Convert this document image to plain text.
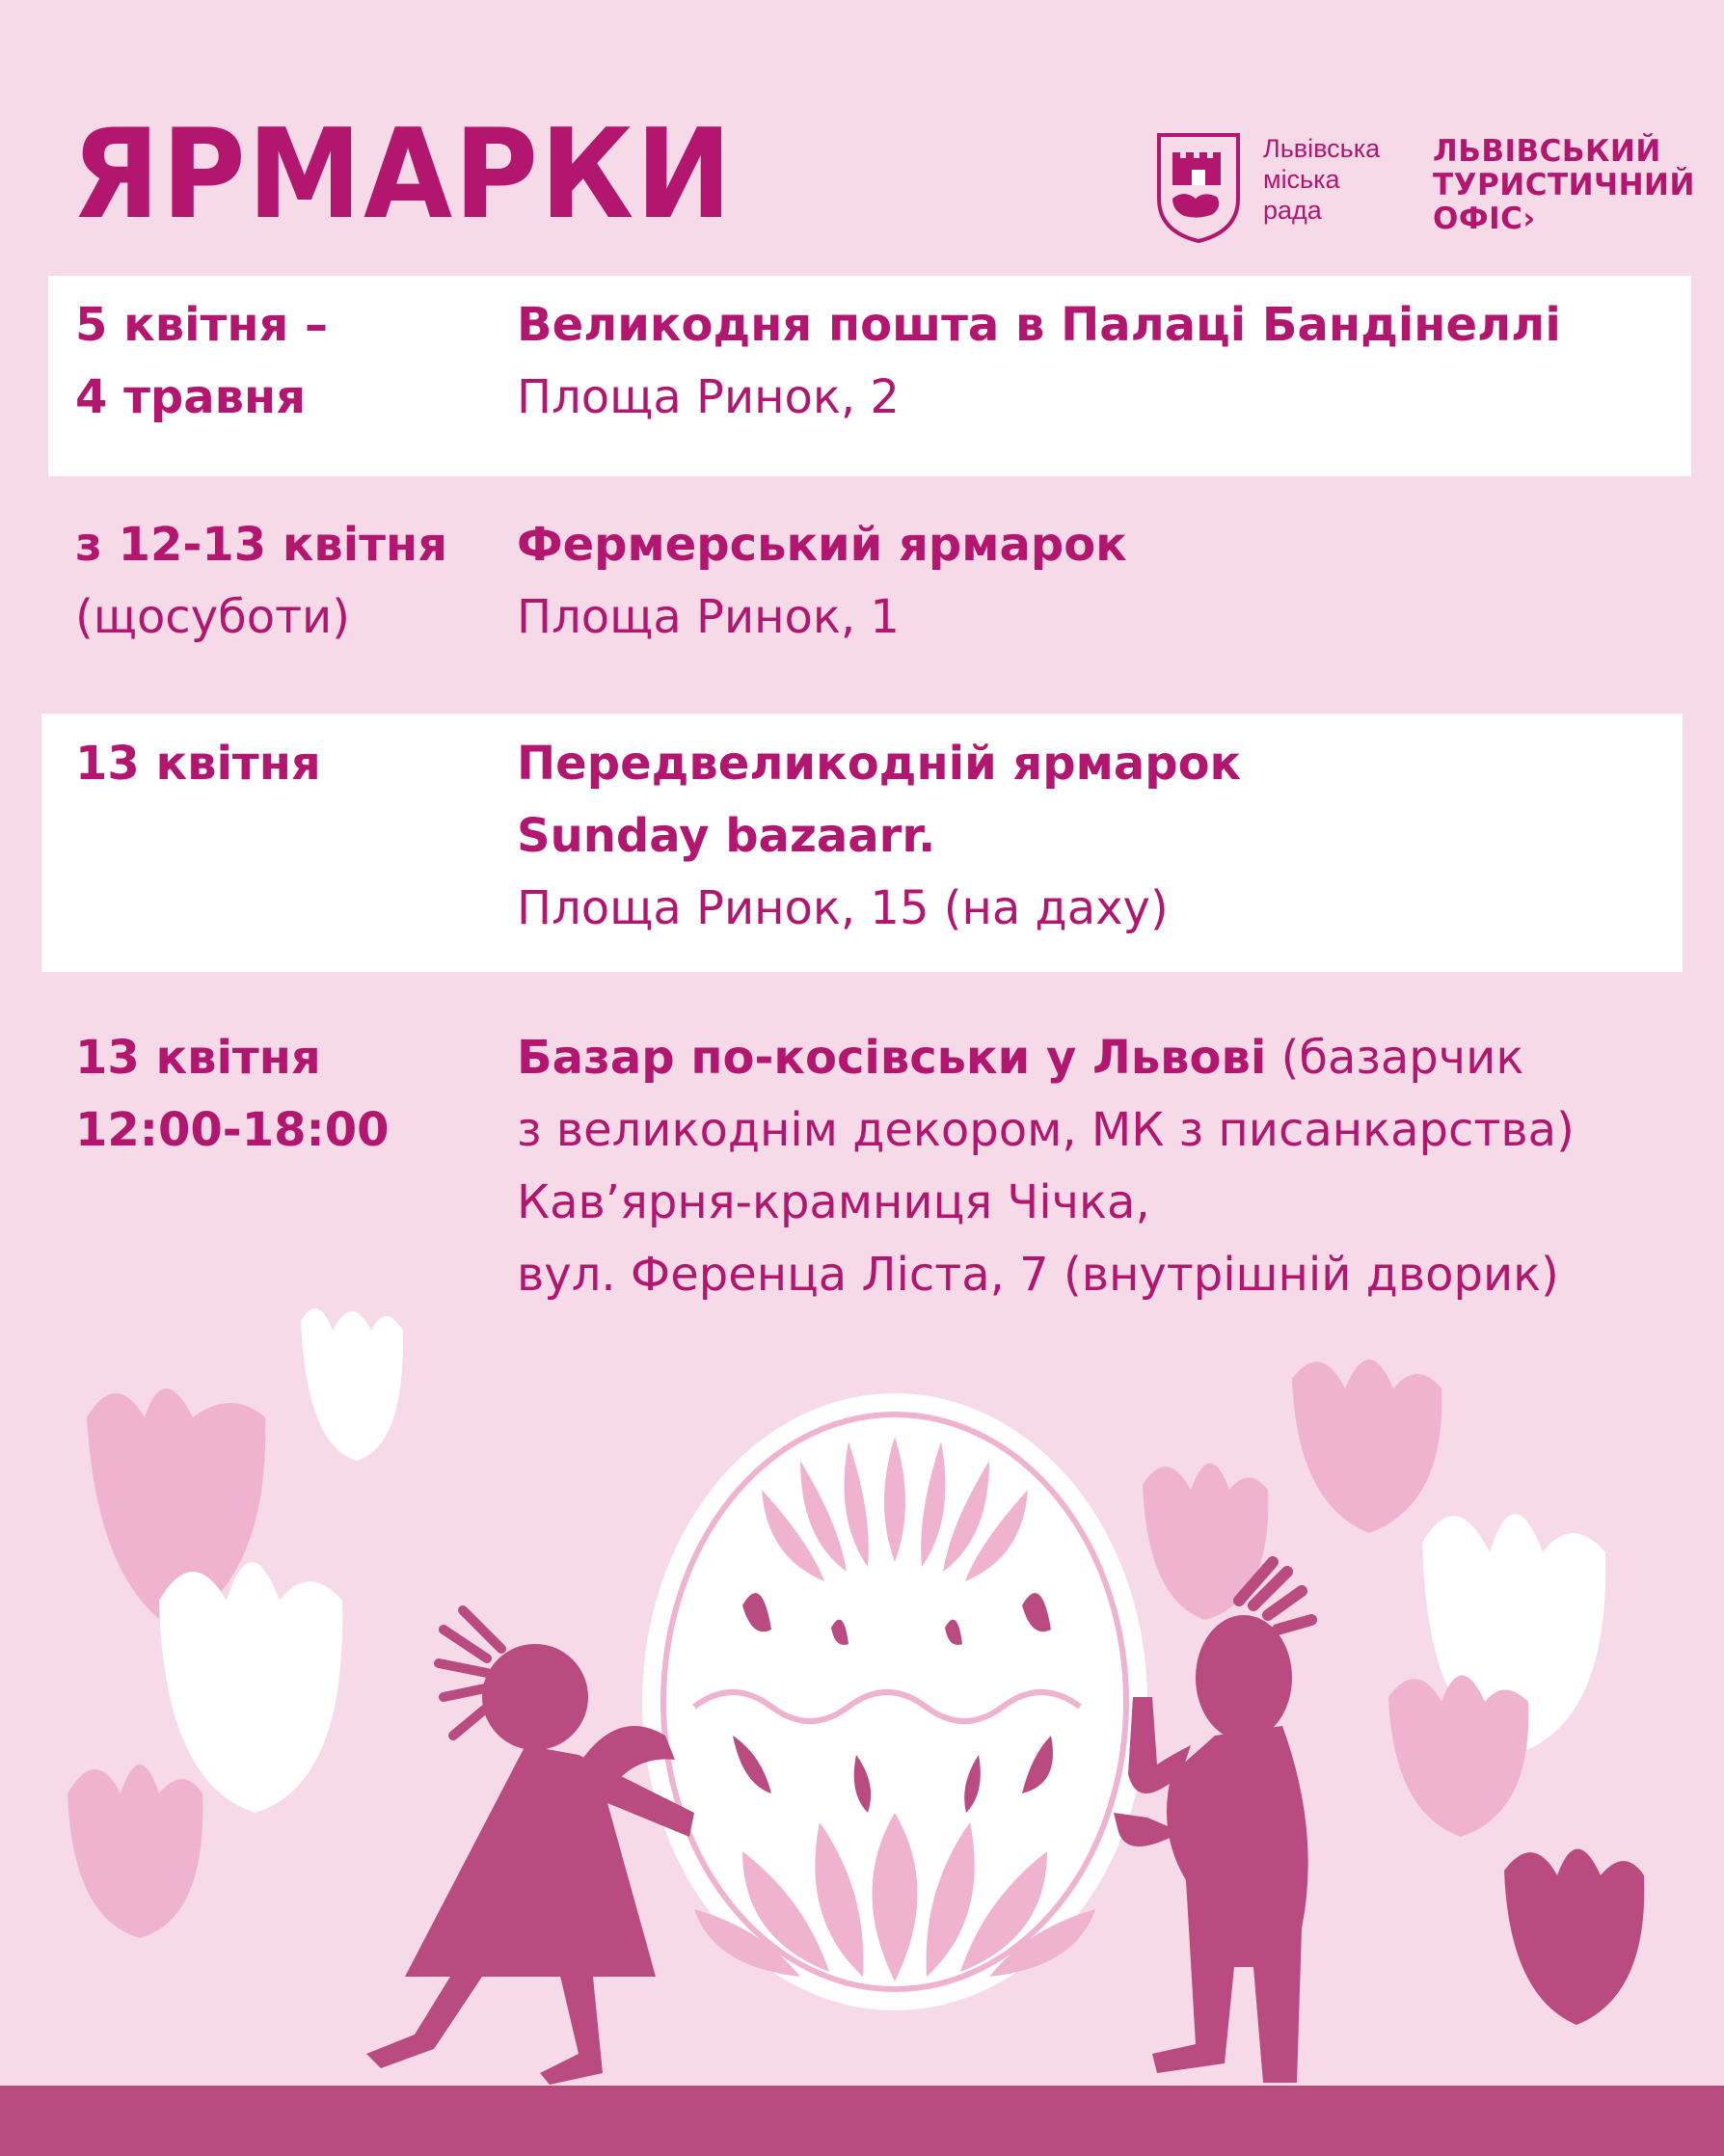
ЯРМАРКИ	Львівська
міська
рада
ЛЬВІВСЬКИЙ
ТУРИСТИЧНИЙ
ОФІС›
5 квітня –
4 травня
Великодня пошта в Палаці Бандінеллі
Площа Ринок, 2
з 12-13 квітня
(щосуботи)
Фермерський ярмарок
Площа Ринок, 1
13 квітня	Передвеликодній ярмарок
Sunday bazaarr.
Площа Ринок, 15 (на даху)
13 квітня
12:00-18:00
Базар по-косівськи у Львові (базарчик
з великоднім декором, МК з писанкарства)
Кав’ярня-крамниця Чічка,
вул. Ференца Ліста, 7 (внутрішній дворик)
